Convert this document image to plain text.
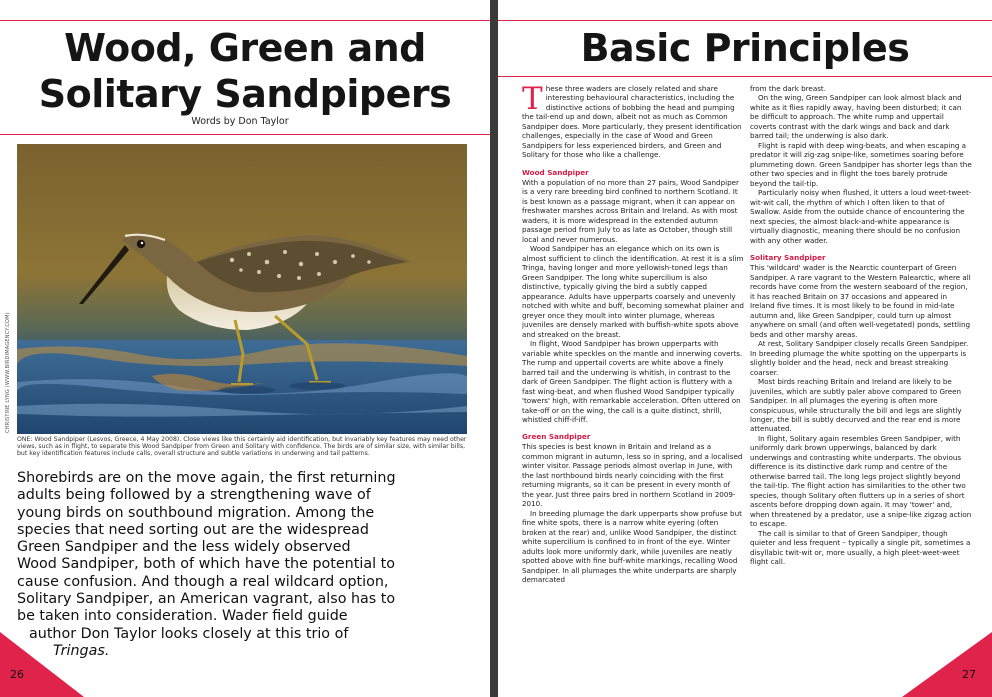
Wood, Green and
Solitary Sandpipers
Words by Don Taylor
CHRISTINE LYNG (WWW.BIRDIMAGENCY.COM)
ONE: Wood Sandpiper (Lesvos, Greece, 4 May 2008). Close views like this certainly aid identification, but invariably key features may need other views, such as in flight, to separate this Wood Sandpiper from Green and Solitary with confidence. The birds are of similar size, with similar bills, but key identification features include calls, overall structure and subtle variations in underwing and tail patterns.
Shorebirds are on the move again, the first returning
adults being followed by a strengthening wave of
young birds on southbound migration. Among the
species that need sorting out are the widespread
Green Sandpiper and the less widely observed
Wood Sandpiper, both of which have the potential to
cause confusion. And though a real wildcard option,
Solitary Sandpiper, an American vagrant, also has to
be taken into consideration. Wader field guide
author Don Taylor looks closely at this trio of

Tringas.
26
Basic Principles

These three waders are closely related and share interesting behavioural characteristics, including the distinctive actions of bobbing the head and pumping the tail-end up and down, albeit not as much as Common Sandpiper does. More particularly, they present identification challenges, especially in the case of Wood and Green Sandpipers for less experienced birders, and Green and Solitary for those who like a challenge.

Wood Sandpiper

With a population of no more than 27 pairs, Wood Sandpiper is a very rare breeding bird confined to northern Scotland. It is best known as a passage migrant, when it can appear on freshwater marshes across Britain and Ireland. As with most waders, it is more widespread in the extended autumn passage period from July to as late as October, though still local and never numerous.

Wood Sandpiper has an elegance which on its own is almost sufficient to clinch the identification. At rest it is a slim Tringa, having longer and more yellowish-toned legs than Green Sandpiper. The long white supercilium is also distinctive, typically giving the bird a subtly capped appearance. Adults have upperparts coarsely and unevenly notched with white and buff, becoming somewhat plainer and greyer once they moult into winter plumage, whereas juveniles are densely marked with buffish-white spots above and streaked on the breast.

In flight, Wood Sandpiper has brown upperparts with variable white speckles on the mantle and innerwing coverts. The rump and uppertail coverts are white above a finely barred tail and the underwing is whitish, in contrast to the dark of Green Sandpiper. The flight action is fluttery with a fast wing-beat, and when flushed Wood Sandpiper typically 'towers' high, with remarkable acceleration. Often uttered on take-off or on the wing, the call is a quite distinct, shrill, whistled chiff-if-iff.

Green Sandpiper

This species is best known in Britain and Ireland as a common migrant in autumn, less so in spring, and a localised winter visitor. Passage periods almost overlap in June, with the last northbound birds nearly coinciding with the first returning migrants, so it can be present in every month of the year. Just three pairs bred in northern Scotland in 2009-2010.

In breeding plumage the dark upperparts show profuse but fine white spots, there is a narrow white eyering (often broken at the rear) and, unlike Wood Sandpiper, the distinct white supercilium is confined to in front of the eye. Winter adults look more uniformly dark, while juveniles are neatly spotted above with fine buff-white markings, recalling Wood Sandpiper. In all plumages the white underparts are sharply demarcated

from the dark breast.

On the wing, Green Sandpiper can look almost black and white as it flies rapidly away, having been disturbed; it can be difficult to approach. The white rump and uppertail coverts contrast with the dark wings and back and dark barred tail; the underwing is also dark.

Flight is rapid with deep wing-beats, and when escaping a predator it will zig-zag snipe-like, sometimes soaring before plummeting down. Green Sandpiper has shorter legs than the other two species and in flight the toes barely protrude beyond the tail-tip.

Particularly noisy when flushed, it utters a loud weet-tweet-wit-wit call, the rhythm of which I often liken to that of Swallow. Aside from the outside chance of encountering the next species, the almost black-and-white appearance is virtually diagnostic, meaning there should be no confusion with any other wader.

Solitary Sandpiper

This 'wildcard' wader is the Nearctic counterpart of Green Sandpiper. A rare vagrant to the Western Palearctic, where all records have come from the western seaboard of the region, it has reached Britain on 37 occasions and appeared in Ireland five times. It is most likely to be found in mid-late autumn and, like Green Sandpiper, could turn up almost anywhere on small (and often well-vegetated) ponds, settling beds and other marshy areas.

At rest, Solitary Sandpiper closely recalls Green Sandpiper. In breeding plumage the white spotting on the upperparts is slightly bolder and the head, neck and breast streaking coarser.

Most birds reaching Britain and Ireland are likely to be juveniles, which are subtly paler above compared to Green Sandpiper. In all plumages the eyering is often more conspicuous, while structurally the bill and legs are slightly longer, the bill is subtly decurved and the rear end is more attenuated.

In flight, Solitary again resembles Green Sandpiper, with uniformly dark brown upperwings, balanced by dark underwings and contrasting white underparts. The obvious difference is its distinctive dark rump and centre of the otherwise barred tail. The long legs project slightly beyond the tail-tip. The flight action has similarities to the other two species, though Solitary often flutters up in a series of short ascents before dropping down again. It may 'tower' and, when threatened by a predator, use a snipe-like zigzag action to escape.

The call is similar to that of Green Sandpiper, though quieter and less frequent – typically a single pit, sometimes a disyllabic twit-wit or, more usually, a high pleet-weet-weet flight call.

27
